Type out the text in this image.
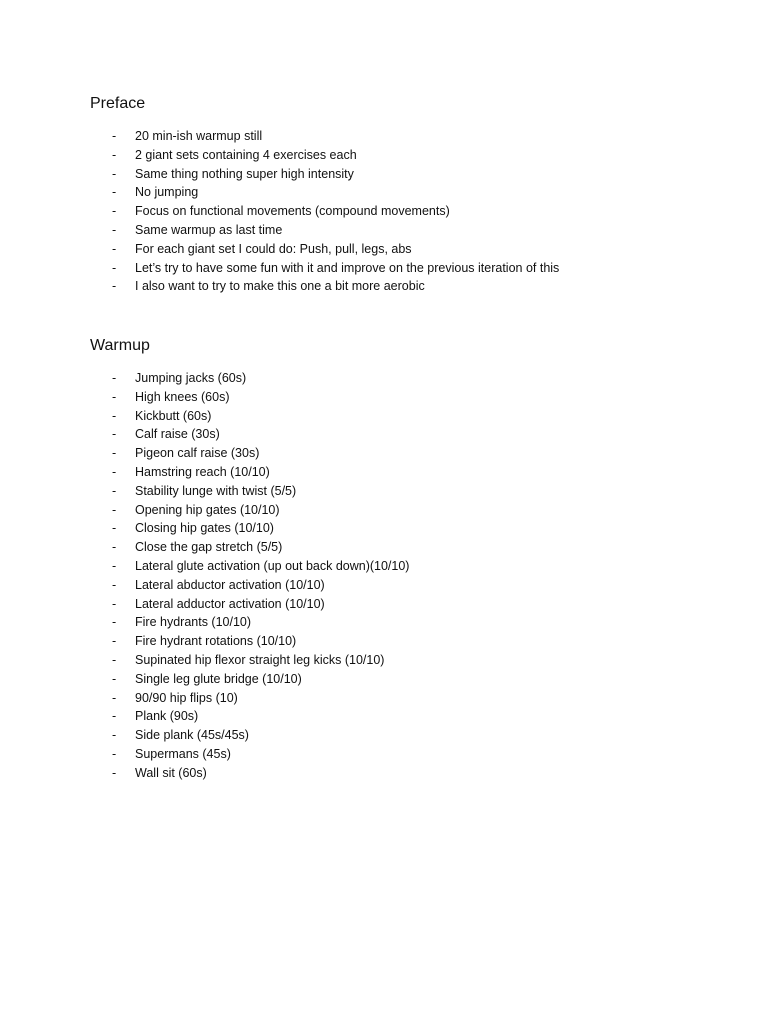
Preface
- 20 min-ish warmup still
- 2 giant sets containing 4 exercises each
- Same thing nothing super high intensity
- No jumping
- Focus on functional movements (compound movements)
- Same warmup as last time
- For each giant set I could do: Push, pull, legs, abs
- Let’s try to have some fun with it and improve on the previous iteration of this
- I also want to try to make this one a bit more aerobic
Warmup
- Jumping jacks (60s)
- High knees (60s)
- Kickbutt (60s)
- Calf raise (30s)
- Pigeon calf raise (30s)
- Hamstring reach (10/10)
- Stability lunge with twist (5/5)
- Opening hip gates (10/10)
- Closing hip gates (10/10)
- Close the gap stretch (5/5)
- Lateral glute activation (up out back down)(10/10)
- Lateral abductor activation (10/10)
- Lateral adductor activation (10/10)
- Fire hydrants (10/10)
- Fire hydrant rotations (10/10)
- Supinated hip flexor straight leg kicks (10/10)
- Single leg glute bridge (10/10)
- 90/90 hip flips (10)
- Plank (90s)
- Side plank (45s/45s)
- Supermans (45s)
- Wall sit (60s)
